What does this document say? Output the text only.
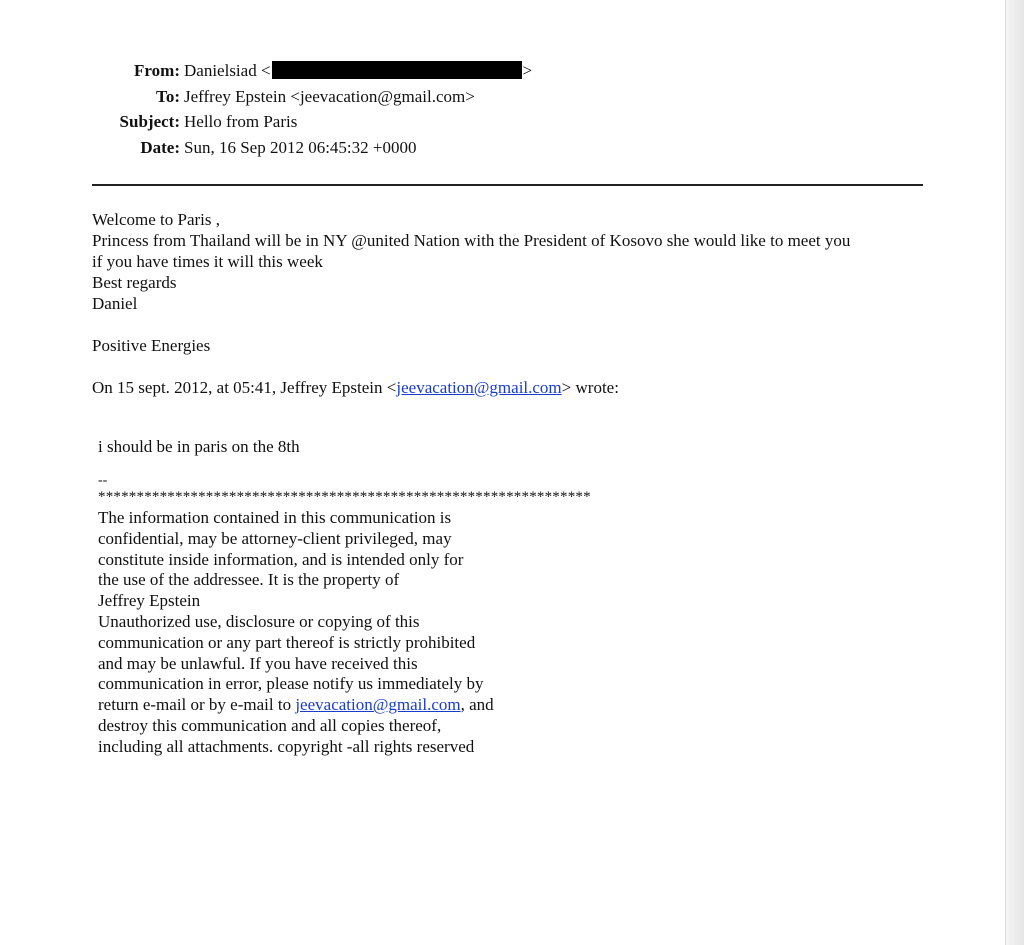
From: Danielsiad <	>
To: Jeffrey Epstein <jeevacation@gmail.com>
Subject: Hello from Paris
Date: Sun, 16 Sep 2012 06:45:32 +0000
Welcome to Paris ,
Princess from Thailand will be in NY @united Nation with the President of Kosovo she would like to meet you
if you have times it will this week
Best regards
Daniel
Positive Energies
On 15 sept. 2012, at 05:41, Jeffrey Epstein <jeevacation@gmail.com> wrote:
i should be in paris on the 8th
--
****************************************************************
The information contained in this communication is
confidential, may be attorney-client privileged, may
constitute inside information, and is intended only for
the use of the addressee. It is the property of
Jeffrey Epstein
Unauthorized use, disclosure or copying of this
communication or any part thereof is strictly prohibited
and may be unlawful. If you have received this
communication in error, please notify us immediately by
return e-mail or by e-mail to jeevacation@gmail.com, and
destroy this communication and all copies thereof,
including all attachments. copyright -all rights reserved
